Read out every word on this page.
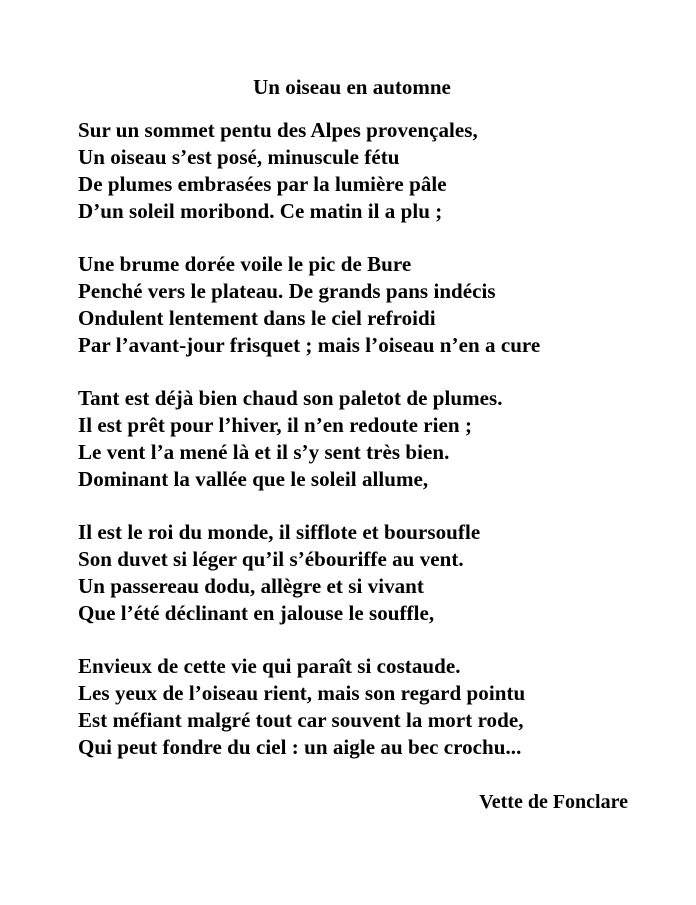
Un oiseau en automne
Sur un sommet pentu des Alpes provençales,
Un oiseau s’est posé, minuscule fétu
De plumes embrasées par la lumière pâle
D’un soleil moribond. Ce matin il a plu ;
Une brume dorée voile le pic de Bure
Penché vers le plateau. De grands pans indécis
Ondulent lentement dans le ciel refroidi
Par l’avant-jour frisquet ; mais l’oiseau n’en a cure
Tant est déjà bien chaud son paletot de plumes.
Il est prêt pour l’hiver, il n’en redoute rien ;
Le vent l’a mené là et il s’y sent très bien.
Dominant la vallée que le soleil allume,
Il est le roi du monde, il sifflote et boursoufle
Son duvet si léger qu’il s’ébouriffe au vent.
Un passereau dodu, allègre et si vivant
Que l’été déclinant en jalouse le souffle,
Envieux de cette vie qui paraît si costaude.
Les yeux de l’oiseau rient, mais son regard pointu
Est méfiant malgré tout car souvent la mort rode,
Qui peut fondre du ciel : un aigle au bec crochu...
Vette de Fonclare
